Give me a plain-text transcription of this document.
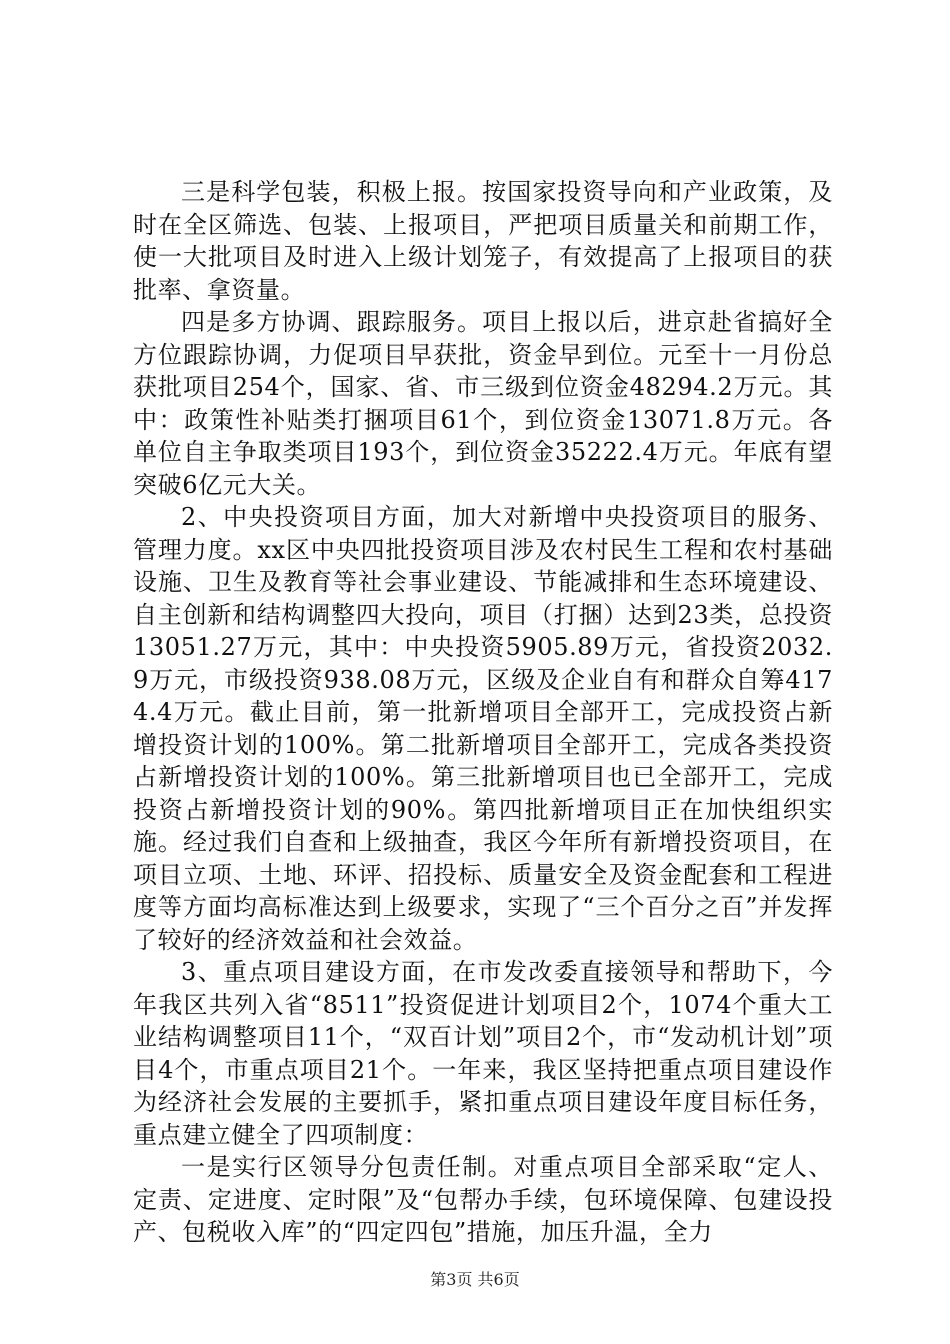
三是科学包装，积极上报。按国家投资导向和产业政策，及时在全区筛选、包装、上报项目，严把项目质量关和前期工作，使一大批项目及时进入上级计划笼子，有效提高了上报项目的获批率、拿资量。

四是多方协调、跟踪服务。项目上报以后，进京赴省搞好全方位跟踪协调，力促项目早获批，资金早到位。元至十一月份总获批项目254个，国家、省、市三级到位资金48294.2万元。其中：政策性补贴类打捆项目61个，到位资金13071.8万元。各单位自主争取类项目193个，到位资金35222.4万元。年底有望突破6亿元大关。

2、中央投资项目方面，加大对新增中央投资项目的服务、管理力度。xx区中央四批投资项目涉及农村民生工程和农村基础设施、卫生及教育等社会事业建设、节能减排和生态环境建设、自主创新和结构调整四大投向，项目（打捆）达到23类，总投资13051.27万元，其中：中央投资5905.89万元，省投资2032.9万元，市级投资938.08万元，区级及企业自有和群众自筹4174.4万元。截止目前，第一批新增项目全部开工，完成投资占新增投资计划的100%。第二批新增项目全部开工，完成各类投资占新增投资计划的100%。第三批新增项目也已全部开工，完成投资占新增投资计划的90%。第四批新增项目正在加快组织实施。经过我们自查和上级抽查，我区今年所有新增投资项目，在项目立项、土地、环评、招投标、质量安全及资金配套和工程进度等方面均高标准达到上级要求，实现了“三个百分之百”并发挥了较好的经济效益和社会效益。

3、重点项目建设方面，在市发改委直接领导和帮助下，今年我区共列入省“8511”投资促进计划项目2个，1074个重大工业结构调整项目11个，“双百计划”项目2个，市“发动机计划”项目4个，市重点项目21个。一年来，我区坚持把重点项目建设作为经济社会发展的主要抓手，紧扣重点项目建设年度目标任务，重点建立健全了四项制度：

一是实行区领导分包责任制。对重点项目全部采取“定人、定责、定进度、定时限”及“包帮办手续，包环境保障、包建设投产、包税收入库”的“四定四包”措施，加压升温，全力

第3页 共6页
